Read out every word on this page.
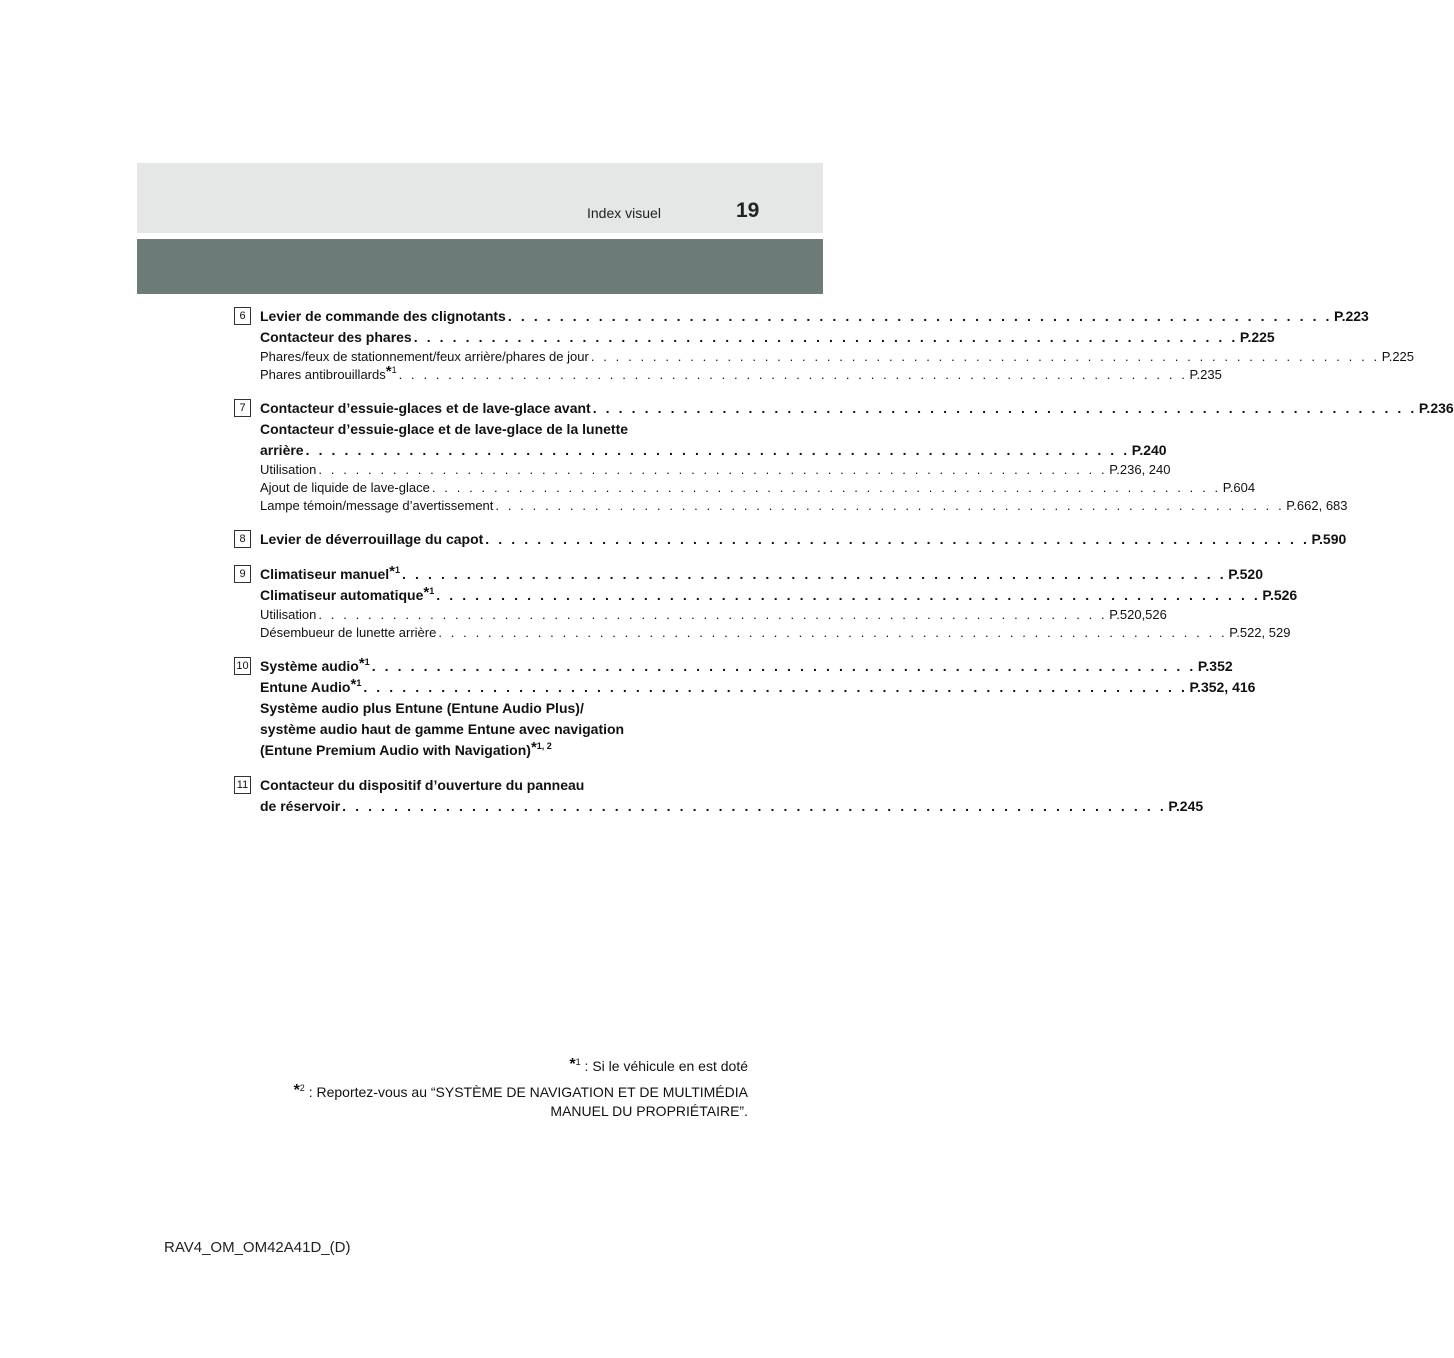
Index visuel	19
6	Levier de commande des clignotants . . . . . . . . . . . . . . . . . . . . . . . . . . . . . . . . . . . . . . . . . . . . . . . . . . . . . . . . . . . . . . . . P.223
Contacteur des phares . . . . . . . . . . . . . . . . . . . . . . . . . . . . . . . . . . . . . . . . . . . . . . . . . . . . . . . . . . . . . . . . P.225
Phares/feux de stationnement/feux arrière/phares de jour . . . . . . . . . . . . . . . . . . . . . . . . . . . . . . . . . . . . . . . . . . . . . . . . . . . . . . . . . . . . . . . . P.225
Phares antibrouillards$^{*1}$ . . . . . . . . . . . . . . . . . . . . . . . . . . . . . . . . . . . . . . . . . . . . . . . . . . . . . . . . . . . . . . . . P.235
7	Contacteur d’essuie-glaces et de lave-glace avant . . . . . . . . . . . . . . . . . . . . . . . . . . . . . . . . . . . . . . . . . . . . . . . . . . . . . . . . . . . . . . . . P.236
Contacteur d’essuie-glace et de lave-glace de la lunette
arrière . . . . . . . . . . . . . . . . . . . . . . . . . . . . . . . . . . . . . . . . . . . . . . . . . . . . . . . . . . . . . . . . P.240
Utilisation . . . . . . . . . . . . . . . . . . . . . . . . . . . . . . . . . . . . . . . . . . . . . . . . . . . . . . . . . . . . . . . . P.236, 240
Ajout de liquide de lave-glace . . . . . . . . . . . . . . . . . . . . . . . . . . . . . . . . . . . . . . . . . . . . . . . . . . . . . . . . . . . . . . . . P.604
Lampe témoin/message d’avertissement . . . . . . . . . . . . . . . . . . . . . . . . . . . . . . . . . . . . . . . . . . . . . . . . . . . . . . . . . . . . . . . . P.662, 683
8	Levier de déverrouillage du capot . . . . . . . . . . . . . . . . . . . . . . . . . . . . . . . . . . . . . . . . . . . . . . . . . . . . . . . . . . . . . . . . P.590
9	Climatiseur manuel$^{*1}$ . . . . . . . . . . . . . . . . . . . . . . . . . . . . . . . . . . . . . . . . . . . . . . . . . . . . . . . . . . . . . . . . P.520
Climatiseur automatique$^{*1}$ . . . . . . . . . . . . . . . . . . . . . . . . . . . . . . . . . . . . . . . . . . . . . . . . . . . . . . . . . . . . . . . . P.526
Utilisation . . . . . . . . . . . . . . . . . . . . . . . . . . . . . . . . . . . . . . . . . . . . . . . . . . . . . . . . . . . . . . . . P.520,526
Désembueur de lunette arrière . . . . . . . . . . . . . . . . . . . . . . . . . . . . . . . . . . . . . . . . . . . . . . . . . . . . . . . . . . . . . . . . P.522, 529
10 Système audio$^{*1}$ . . . . . . . . . . . . . . . . . . . . . . . . . . . . . . . . . . . . . . . . . . . . . . . . . . . . . . . . . . . . . . . . P.352
Entune Audio$^{*1}$ . . . . . . . . . . . . . . . . . . . . . . . . . . . . . . . . . . . . . . . . . . . . . . . . . . . . . . . . . . . . . . . . P.352, 416
Système audio plus Entune (Entune Audio Plus)/
système audio haut de gamme Entune avec navigation
(Entune Premium Audio with Navigation)$^{*1, 2}$
11 Contacteur du dispositif d’ouverture du panneau
de réservoir . . . . . . . . . . . . . . . . . . . . . . . . . . . . . . . . . . . . . . . . . . . . . . . . . . . . . . . . . . . . . . . . P.245
$^{*1}$ : Si le véhicule en est doté
$^{*2}$ : Reportez-vous au “SYSTÈME DE NAVIGATION ET DE MULTIMÉDIA
MANUEL DU PROPRIÉTAIRE”.
RAV4_OM_OM42A41D_(D)
